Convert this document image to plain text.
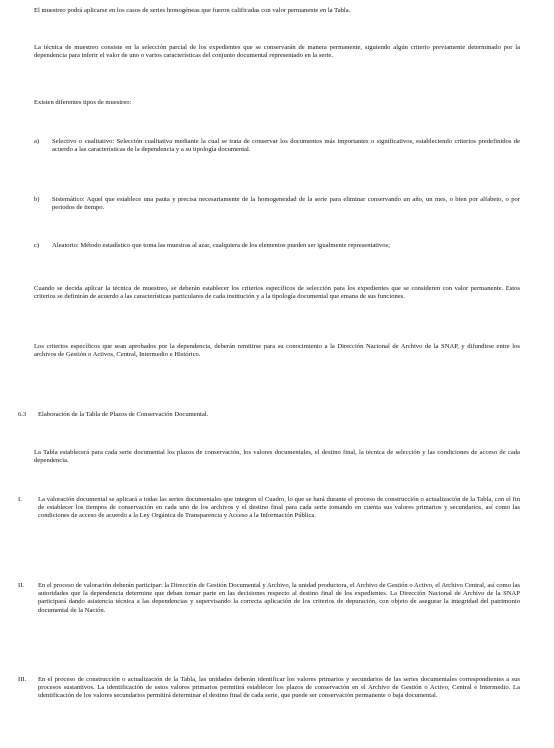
El muestreo podrá aplicarse en los casos de series homogéneas que fueron calificadas con valor permanente en la Tabla.

La técnica de muestreo consiste en la selección parcial de los expedientes que se conservarán de manera permanente, siguiendo algún criterio previamente determinado por la dependencia para inferir el valor de uno o varios características del conjunto documental representado en la serie.

Existen diferentes tipos de muestreo:

a)	Selectivo o cualitativo: Selección cualitativa mediante la cual se trata de conservar los documentos más importantes o significativos, estableciendo criterios predefinidos de acuerdo a las características de la dependencia y a su tipología documental.
b)	Sistemático: Aquel que establece una pauta y precisa necesariamente de la homogeneidad de la serie para eliminar conservando un año, un mes, o bien por alfabeto, o por periodos de tiempo.
c)	Aleatorio: Método estadístico que toma las muestras al azar, cualquiera de los elementos pueden ser igualmente representativos;

Cuando se decida aplicar la técnica de muestreo, se deberán establecer los criterios específicos de selección para los expedientes que se consideren con valor permanente. Estos criterios se definirán de acuerdo a las características particulares de cada institución y a la tipología documental que emana de sus funciones.

Los criterios específicos que sean aprobados por la dependencia, deberán remitirse para su conocimiento a la Dirección Nacional de Archivo de la SNAP, y difundirse entre los archivos de Gestión o Activos, Central, Intermedio e Histórico.

6.3	Elaboración de la Tabla de Plazos de Conservación Documental.

La Tabla establecerá para cada serie documental los plazos de conservación, los valores documentales, el destino final, la técnica de selección y las condiciones de acceso de cada dependencia.

I.	La valoración documental se aplicará a todas las series documentales que integren el Cuadro, lo que se hará durante el proceso de construcción o actualización de la Tabla, con el fin de establecer los tiempos de conservación en cada uno de los archivos y el destino final para cada serie tomando en cuenta sus valores primarios y secundarios, así como las condiciones de acceso de acuerdo a la Ley Orgánica de Transparencia y Acceso a la Información Pública.
II.	En el proceso de valoración deberán participar: la Dirección de Gestión Documental y Archivo, la unidad productora, el Archivo de Gestión o Activo, el Archivo Central, así como las autoridades que la dependencia determine que deban tomar parte en las decisiones respecto al destino final de los expedientes. La Dirección Nacional de Archivo de la SNAP participará dando asistencia técnica a las dependencias y supervisando la correcta aplicación de los criterios de depuración, con objeto de asegurar la integridad del patrimonio documental de la Nación.
III.	En el proceso de construcción o actualización de la Tabla, las unidades deberán identificar los valores primarios y secundarios de las series documentales correspondientes a sus procesos sustantivos. La identificación de estos valores primarios permitirá establecer los plazos de conservación en el Archivo de Gestión o Activo, Central e Intermedio. La identificación de los valores secundarios permitirá determinar el destino final de cada serie, que puede ser conservación permanente o baja documental.
